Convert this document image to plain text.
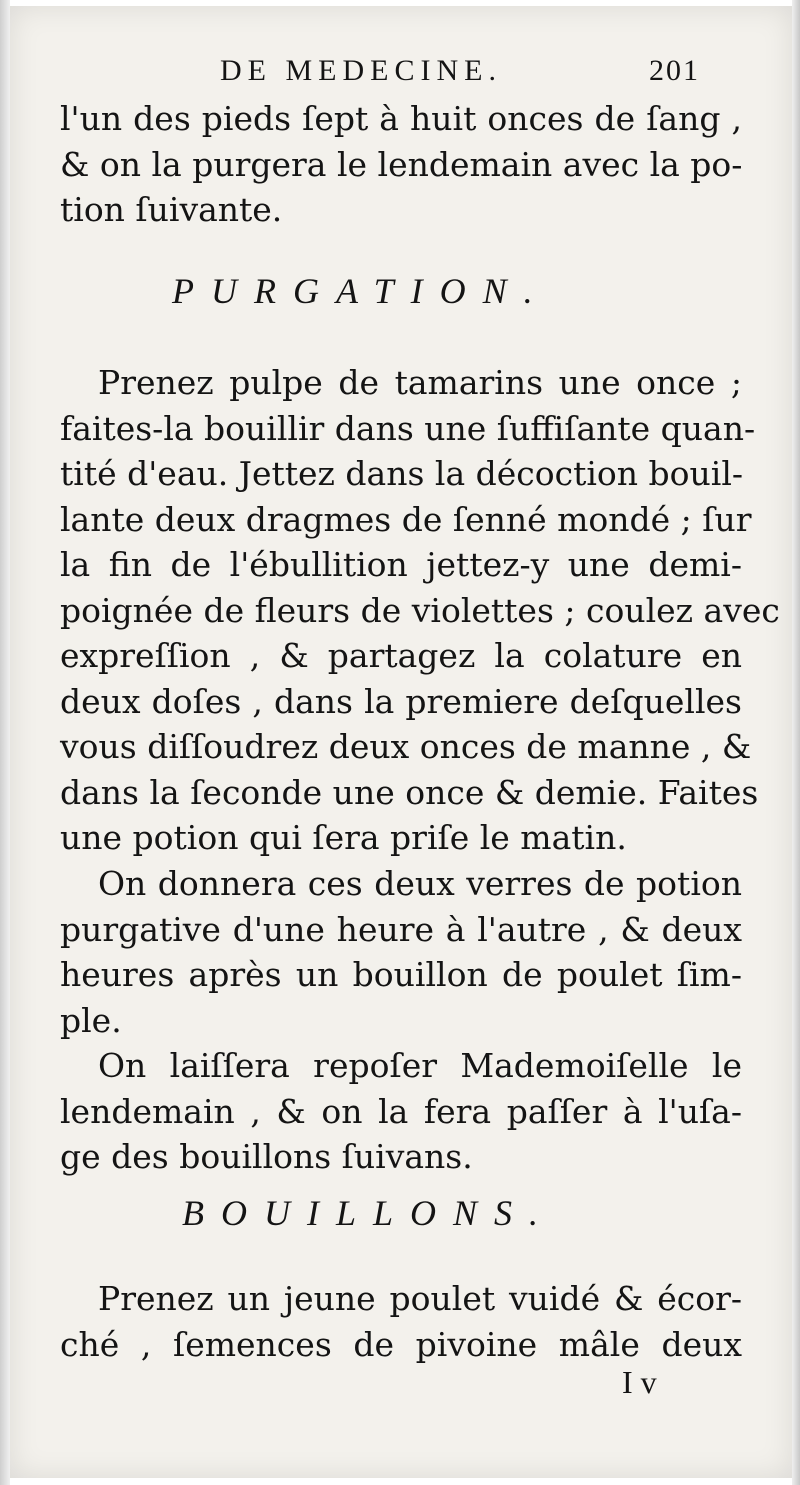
DE MEDECINE.	201
l'un des pieds ſept à huit onces de ſang ,
& on la purgera le lendemain avec la po-
tion ſuivante.
PURGATION.
Prenez pulpe de tamarins une once ;
faites-la bouillir dans une ſuffiſante quan-
tité d'eau. Jettez dans la décoction bouil-
lante deux dragmes de ſenné mondé ; ſur
la fin de l'ébullition jettez-y une demi-
poignée de fleurs de violettes ; coulez avec
expreſſion , & partagez la colature en
deux doſes , dans la premiere deſquelles
vous diſſoudrez deux onces de manne , &
dans la ſeconde une once & demie. Faites
une potion qui ſera priſe le matin.
On donnera ces deux verres de potion
purgative d'une heure à l'autre , & deux
heures après un bouillon de poulet ſim-
ple.
On laiſſera repoſer Mademoiſelle le
lendemain , & on la fera paſſer à l'uſa-
ge des bouillons ſuivans.
BOUILLONS.
Prenez un jeune poulet vuidé & écor-
ché , ſemences de pivoine mâle deux
I v
